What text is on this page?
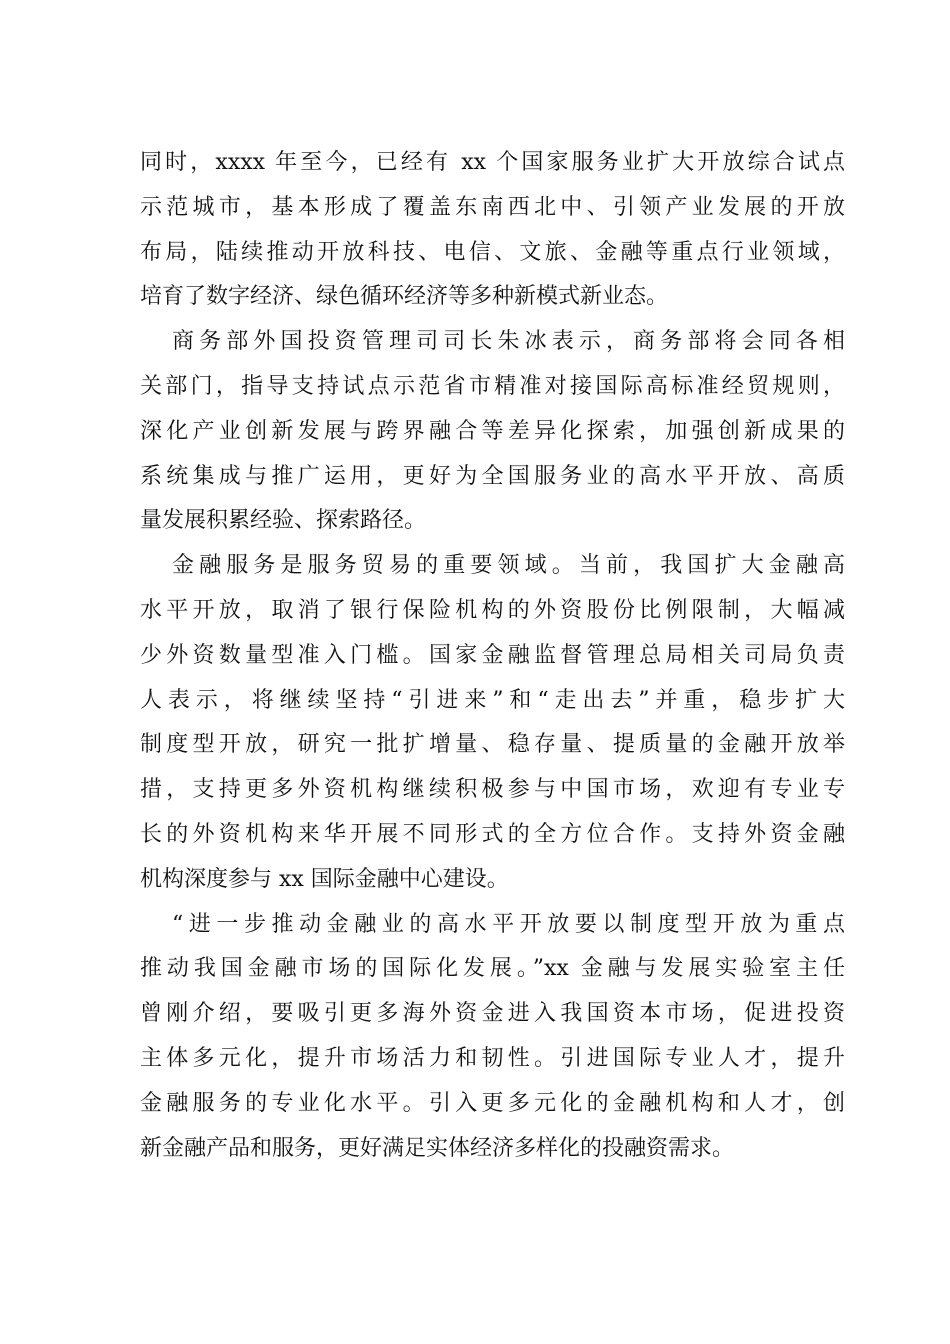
同时，xxxx 年至今，已经有 xx 个国家服务业扩大开放综合试点
示范城市，基本形成了覆盖东南西北中、引领产业发展的开放
布局，陆续推动开放科技、电信、文旅、金融等重点行业领域，
培育了数字经济、绿色循环经济等多种新模式新业态。
商务部外国投资管理司司长朱冰表示，商务部将会同各相
关部门，指导支持试点示范省市精准对接国际高标准经贸规则，
深化产业创新发展与跨界融合等差异化探索，加强创新成果的
系统集成与推广运用，更好为全国服务业的高水平开放、高质
量发展积累经验、探索路径。
金融服务是服务贸易的重要领域。当前，我国扩大金融高
水平开放，取消了银行保险机构的外资股份比例限制，大幅减
少外资数量型准入门槛。国家金融监督管理总局相关司局负责
人表示，将继续坚持“引进来”和“走出去”并重，稳步扩大
制度型开放，研究一批扩增量、稳存量、提质量的金融开放举
措，支持更多外资机构继续积极参与中国市场，欢迎有专业专
长的外资机构来华开展不同形式的全方位合作。支持外资金融
机构深度参与 xx 国际金融中心建设。
“进一步推动金融业的高水平开放要以制度型开放为重点
推动我国金融市场的国际化发展。”xx 金融与发展实验室主任
曾刚介绍，要吸引更多海外资金进入我国资本市场，促进投资
主体多元化，提升市场活力和韧性。引进国际专业人才，提升
金融服务的专业化水平。引入更多元化的金融机构和人才，创
新金融产品和服务，更好满足实体经济多样化的投融资需求。
